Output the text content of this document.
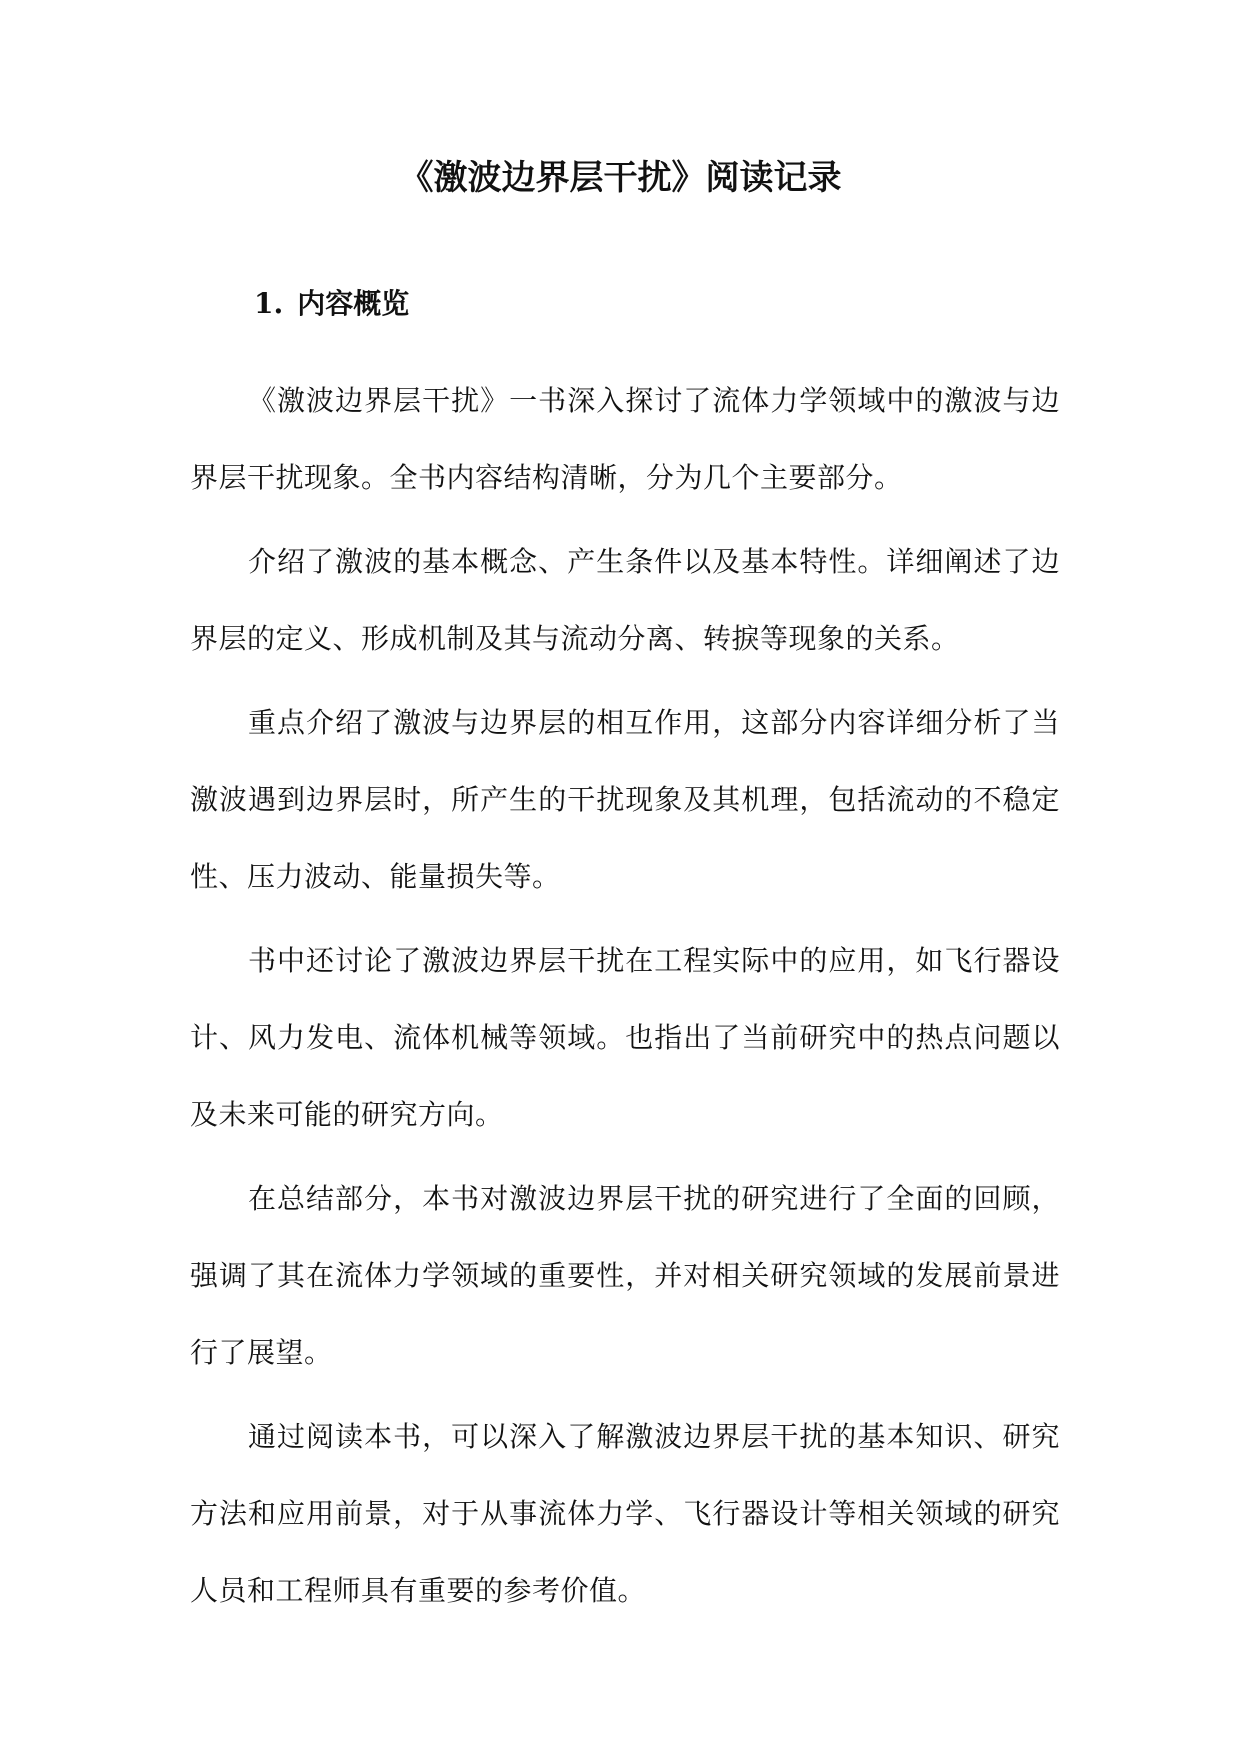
《激波边界层干扰》阅读记录
1. 内容概览

《激波边界层干扰》一书深入探讨了流体力学领域中的激波与边界层干扰现象。全书内容结构清晰，分为几个主要部分。

介绍了激波的基本概念、产生条件以及基本特性。详细阐述了边界层的定义、形成机制及其与流动分离、转捩等现象的关系。

重点介绍了激波与边界层的相互作用，这部分内容详细分析了当激波遇到边界层时，所产生的干扰现象及其机理，包括流动的不稳定性、压力波动、能量损失等。

书中还讨论了激波边界层干扰在工程实际中的应用，如飞行器设计、风力发电、流体机械等领域。也指出了当前研究中的热点问题以及未来可能的研究方向。

在总结部分，本书对激波边界层干扰的研究进行了全面的回顾，强调了其在流体力学领域的重要性，并对相关研究领域的发展前景进行了展望。

通过阅读本书，可以深入了解激波边界层干扰的基本知识、研究方法和应用前景，对于从事流体力学、飞行器设计等相关领域的研究人员和工程师具有重要的参考价值。
